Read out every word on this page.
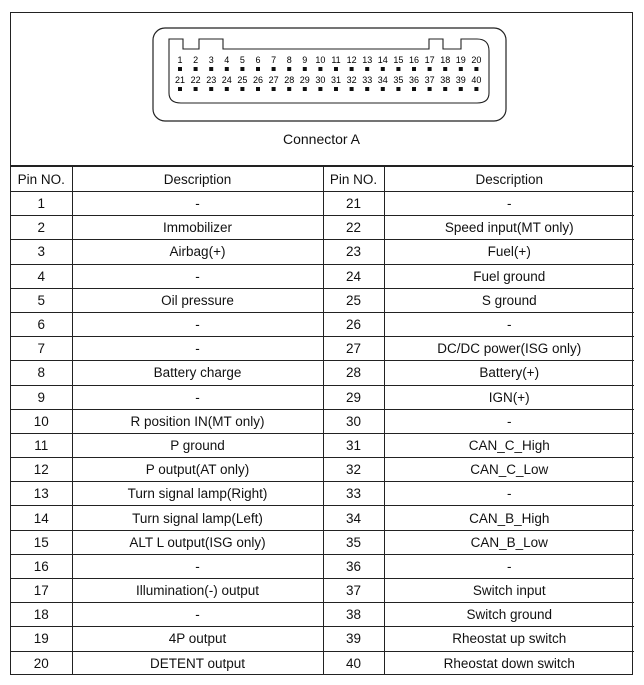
1 2 3 4 5 6 7 8 9 10 11 12 13 14 15 16 17 18 19 20
21 22 23 24 25 26 27 28 29 30 31 32 33 34 35 36 37 38 39 40
Connector A
Pin NO.	Description	Pin NO.	Description
1	-	21	-
2	Immobilizer	22	Speed input(MT only)
3	Airbag(+)	23	Fuel(+)
4	-	24	Fuel ground
5	Oil pressure	25	S ground
6	-	26	-
7	-	27	DC/DC power(ISG only)
8	Battery charge	28	Battery(+)
9	-	29	IGN(+)
10	R position IN(MT only)	30	-
11	P ground	31	CAN_C_High
12	P output(AT only)	32	CAN_C_Low
13	Turn signal lamp(Right)	33	-
14	Turn signal lamp(Left)	34	CAN_B_High
15	ALT L output(ISG only)	35	CAN_B_Low
16	-	36	-
17	Illumination(-) output	37	Switch input
18	-	38	Switch ground
19	4P output	39	Rheostat up switch
20	DETENT output	40	Rheostat down switch
